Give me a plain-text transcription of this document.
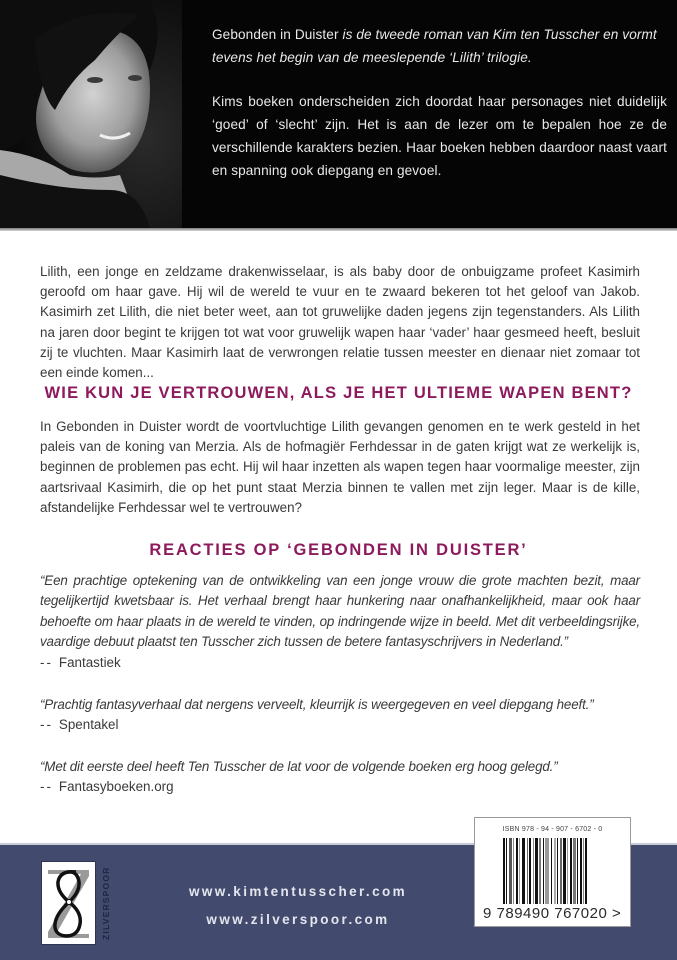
Gebonden in Duister is de tweede roman van Kim ten Tusscher en vormt tevens het begin van de meeslepende ‘Lilith’ trilogie.

Kims boeken onderscheiden zich doordat haar personages niet duidelijk ‘goed’ of ‘slecht’ zijn. Het is aan de lezer om te bepalen hoe ze de verschillende karakters bezien. Haar boeken hebben daardoor naast vaart en spanning ook diepgang en gevoel.

Lilith, een jonge en zeldzame drakenwisselaar, is als baby door de onbuigzame profeet Kasimirh geroofd om haar gave. Hij wil de wereld te vuur en te zwaard bekeren tot het geloof van Jakob. Kasimirh zet Lilith, die niet beter weet, aan tot gruwelijke daden jegens zijn tegenstanders. Als Lilith na jaren door begint te krijgen tot wat voor gruwelijk wapen haar ‘vader’ haar gesmeed heeft, besluit zij te vluchten. Maar Kasimirh laat de verwrongen relatie tussen meester en dienaar niet zomaar tot een einde komen...

WIE KUN JE VERTROUWEN, ALS JE HET ULTIEME WAPEN BENT?

In Gebonden in Duister wordt de voortvluchtige Lilith gevangen genomen en te werk gesteld in het paleis van de koning van Merzia. Als de hofmagiër Ferhdessar in de gaten krijgt wat ze werkelijk is, beginnen de problemen pas echt. Hij wil haar inzetten als wapen tegen haar voormalige meester, zijn aartsrivaal Kasimirh, die op het punt staat Merzia binnen te vallen met zijn leger. Maar is de kille, afstandelijke Ferhdessar wel te vertrouwen?

REACTIES OP ‘GEBONDEN IN DUISTER’

“Een prachtige optekening van de ontwikkeling van een jonge vrouw die grote machten bezit, maar tegelijkertijd kwetsbaar is. Het verhaal brengt haar hunkering naar onafhankelijkheid, maar ook haar behoefte om haar plaats in de wereld te vinden, op indringende wijze in beeld. Met dit verbeeldingsrijke, vaardige debuut plaatst ten Tusscher zich tussen de betere fantasyschrijvers in Nederland.”

-- Fantastiek

“Prachtig fantasyverhaal dat nergens verveelt, kleurrijk is weergegeven en veel diepgang heeft.”

-- Spentakel

“Met dit eerste deel heeft Ten Tusscher de lat voor de volgende boeken erg hoog gelegd.”

-- Fantasyboeken.org

ZILVERSPOOR	www.kimtentusscher.com
www.zilverspoor.com
ISBN 978 - 94 - 907 - 6702 - 0
9 789490 767020 >
